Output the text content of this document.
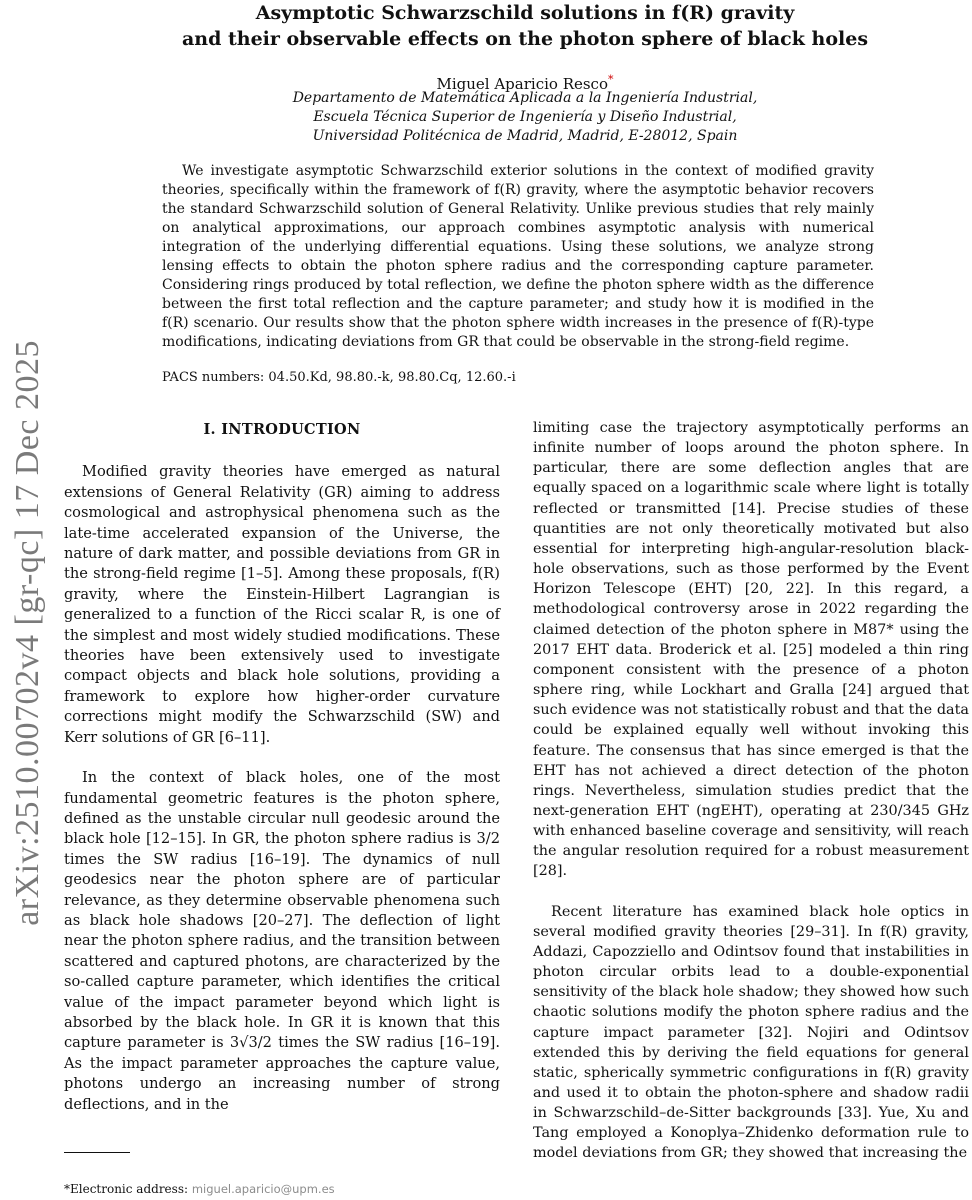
arXiv:2510.00702v4 [gr-qc] 17 Dec 2025
Asymptotic Schwarzschild solutions in f(R) gravity
and their observable effects on the photon sphere of black holes
Miguel Aparicio Resco*
Departamento de Matemática Aplicada a la Ingeniería Industrial,
Escuela Técnica Superior de Ingeniería y Diseño Industrial,
Universidad Politécnica de Madrid, Madrid, E-28012, Spain

We investigate asymptotic Schwarzschild exterior solutions in the context of modified gravity theories, specifically within the framework of f(R) gravity, where the asymptotic behavior recovers the standard Schwarzschild solution of General Relativity. Unlike previous studies that rely mainly on analytical approximations, our approach combines asymptotic analysis with numerical integration of the underlying differential equations. Using these solutions, we analyze strong lensing effects to obtain the photon sphere radius and the corresponding capture parameter. Considering rings produced by total reflection, we define the photon sphere width as the difference between the first total reflection and the capture parameter; and study how it is modified in the f(R) scenario. Our results show that the photon sphere width increases in the presence of f(R)-type modifications, indicating deviations from GR that could be observable in the strong-field regime.

PACS numbers: 04.50.Kd, 98.80.-k, 98.80.Cq, 12.60.-i
I. INTRODUCTION

Modified gravity theories have emerged as natural extensions of General Relativity (GR) aiming to address cosmological and astrophysical phenomena such as the late-time accelerated expansion of the Universe, the nature of dark matter, and possible deviations from GR in the strong-field regime [1–5]. Among these proposals, f(R) gravity, where the Einstein-Hilbert Lagrangian is generalized to a function of the Ricci scalar R, is one of the simplest and most widely studied modifications. These theories have been extensively used to investigate compact objects and black hole solutions, providing a framework to explore how higher-order curvature corrections might modify the Schwarzschild (SW) and Kerr solutions of GR [6–11].

In the context of black holes, one of the most fundamental geometric features is the photon sphere, defined as the unstable circular null geodesic around the black hole [12–15]. In GR, the photon sphere radius is 3/2 times the SW radius [16–19]. The dynamics of null geodesics near the photon sphere are of particular relevance, as they determine observable phenomena such as black hole shadows [20–27]. The deflection of light near the photon sphere radius, and the transition between scattered and captured photons, are characterized by the so-called capture parameter, which identifies the critical value of the impact parameter beyond which light is absorbed by the black hole. In GR it is known that this capture parameter is 3√3/2 times the SW radius [16–19]. As the impact parameter approaches the capture value, photons undergo an increasing number of strong deflections, and in the

limiting case the trajectory asymptotically performs an infinite number of loops around the photon sphere. In particular, there are some deflection angles that are equally spaced on a logarithmic scale where light is totally reflected or transmitted [14]. Precise studies of these quantities are not only theoretically motivated but also essential for interpreting high-angular-resolution black-hole observations, such as those performed by the Event Horizon Telescope (EHT) [20, 22]. In this regard, a methodological controversy arose in 2022 regarding the claimed detection of the photon sphere in M87* using the 2017 EHT data. Broderick et al. [25] modeled a thin ring component consistent with the presence of a photon sphere ring, while Lockhart and Gralla [24] argued that such evidence was not statistically robust and that the data could be explained equally well without invoking this feature. The consensus that has since emerged is that the EHT has not achieved a direct detection of the photon rings. Nevertheless, simulation studies predict that the next-generation EHT (ngEHT), operating at 230/345 GHz with enhanced baseline coverage and sensitivity, will reach the angular resolution required for a robust measurement [28].

Recent literature has examined black hole optics in several modified gravity theories [29–31]. In f(R) gravity, Addazi, Capozziello and Odintsov found that instabilities in photon circular orbits lead to a double-exponential sensitivity of the black hole shadow; they showed how such chaotic solutions modify the photon sphere radius and the capture impact parameter [32]. Nojiri and Odintsov extended this by deriving the field equations for general static, spherically symmetric configurations in f(R) gravity and used it to obtain the photon-sphere and shadow radii in Schwarzschild–de-Sitter backgrounds [33]. Yue, Xu and Tang employed a Konoplya–Zhidenko deformation rule to model deviations from GR; they showed that increasing the

*Electronic address: miguel.aparicio@upm.es
